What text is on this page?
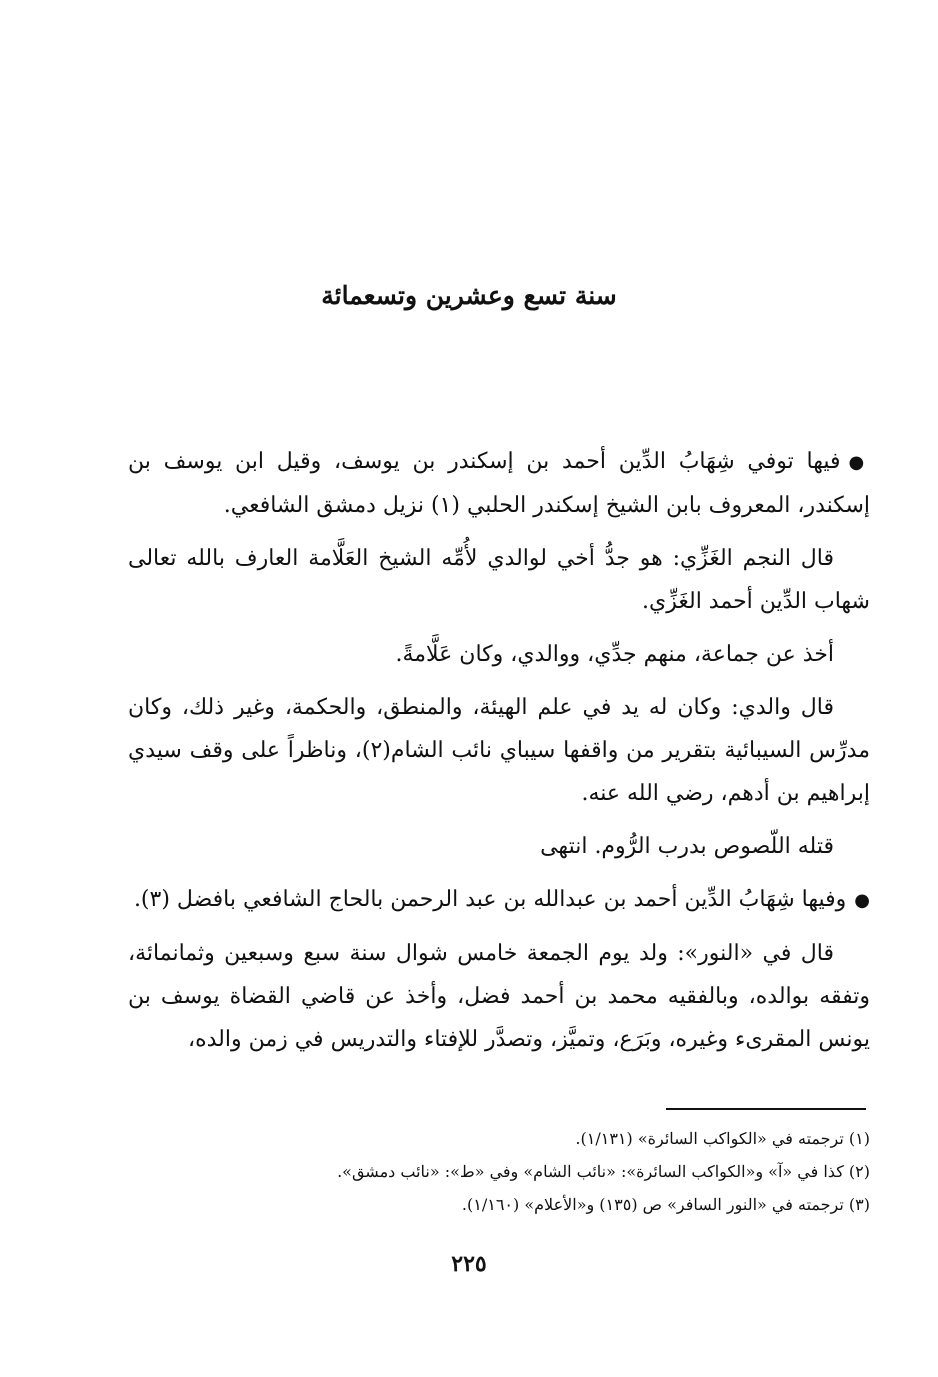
سنة تسع وعشرين وتسعمائة

●فيها توفي شِهَابُ الدِّين أحمد بن إسكندر بن يوسف، وقيل ابن يوسف بن إسكندر، المعروف بابن الشيخ إسكندر الحلبي (١) نزيل دمشق الشافعي.

قال النجم الغَزِّي: هو جدُّ أخي لوالدي لأُمِّه الشيخ العَلَّامة العارف بالله تعالى شهاب الدِّين أحمد الغَزِّي.

أخذ عن جماعة، منهم جدِّي، ووالدي، وكان عَلَّامةً.

قال والدي: وكان له يد في علم الهيئة، والمنطق، والحكمة، وغير ذلك، وكان مدرِّس السيبائية بتقرير من واقفها سيباي نائب الشام(٢)، وناظراً على وقف سيدي إبراهيم بن أدهم، رضي الله عنه.

قتله اللّصوص بدرب الرُّوم. انتهى

●وفيها شِهَابُ الدِّين أحمد بن عبدالله بن عبد الرحمن بالحاج الشافعي بافضل (٣).

قال في «النور»: ولد يوم الجمعة خامس شوال سنة سبع وسبعين وثمانمائة، وتفقه بوالده، وبالفقيه محمد بن أحمد فضل، وأخذ عن قاضي القضاة يوسف بن يونس المقرىء وغيره، وبَرَع، وتميَّز، وتصدَّر للإفتاء والتدريس في زمن والده،

(١) ترجمته في «الكواكب السائرة» (١/١٣١).

(٢) كذا في «آ» و«الكواكب السائرة»: «نائب الشام» وفي «ط»: «نائب دمشق».

(٣) ترجمته في «النور السافر» ص (١٣٥) و«الأعلام» (١/١٦٠).

٢٢٥
